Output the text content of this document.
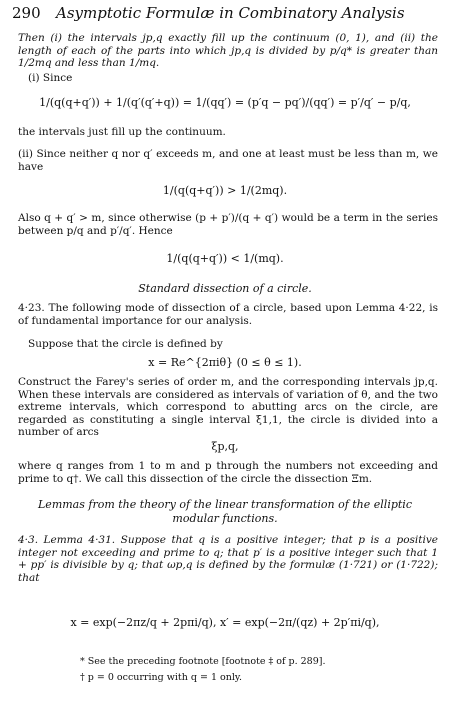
290 Asymptotic Formulæ in Combinatory Analysis

Then (i) the intervals jp,q exactly fill up the continuum (0, 1), and (ii) the length of each of the parts into which jp,q is divided by p/q* is greater than 1/2mq and less than 1/mq.

(i) Since

1/(q(q+q′)) + 1/(q′(q′+q)) = 1/(qq′) = (p′q − pq′)/(qq′) = p′/q′ − p/q,

the intervals just fill up the continuum.

(ii) Since neither q nor q′ exceeds m, and one at least must be less than m, we have

1/(q(q+q′)) > 1/(2mq).

Also q + q′ > m, since otherwise (p + p′)/(q + q′) would be a term in the series between p/q and p′/q′. Hence

1/(q(q+q′)) < 1/(mq).
Standard dissection of a circle.

4·23. The following mode of dissection of a circle, based upon Lemma 4·22, is of fundamental importance for our analysis.

Suppose that the circle is defined by

x = Re^{2πiθ} (0 ≤ θ ≤ 1).

Construct the Farey's series of order m, and the corresponding intervals jp,q. When these intervals are considered as intervals of variation of θ, and the two extreme intervals, which correspond to abutting arcs on the circle, are regarded as constituting a single interval ξ1,1, the circle is divided into a number of arcs

ξp,q,

where q ranges from 1 to m and p through the numbers not exceeding and prime to q†. We call this dissection of the circle the dissection Ξm.

Lemmas from the theory of the linear transformation of the elliptic
modular functions.

4·3. Lemma 4·31. Suppose that q is a positive integer; that p is a positive integer not exceeding and prime to q; that p′ is a positive integer such that 1 + pp′ is divisible by q; that ωp,q is defined by the formulæ (1·721) or (1·722); that

x = exp(−2πz/q + 2pπi/q), x′ = exp(−2π/(qz) + 2p′πi/q),

* See the preceding footnote [footnote ‡ of p. 289].

† p = 0 occurring with q = 1 only.
